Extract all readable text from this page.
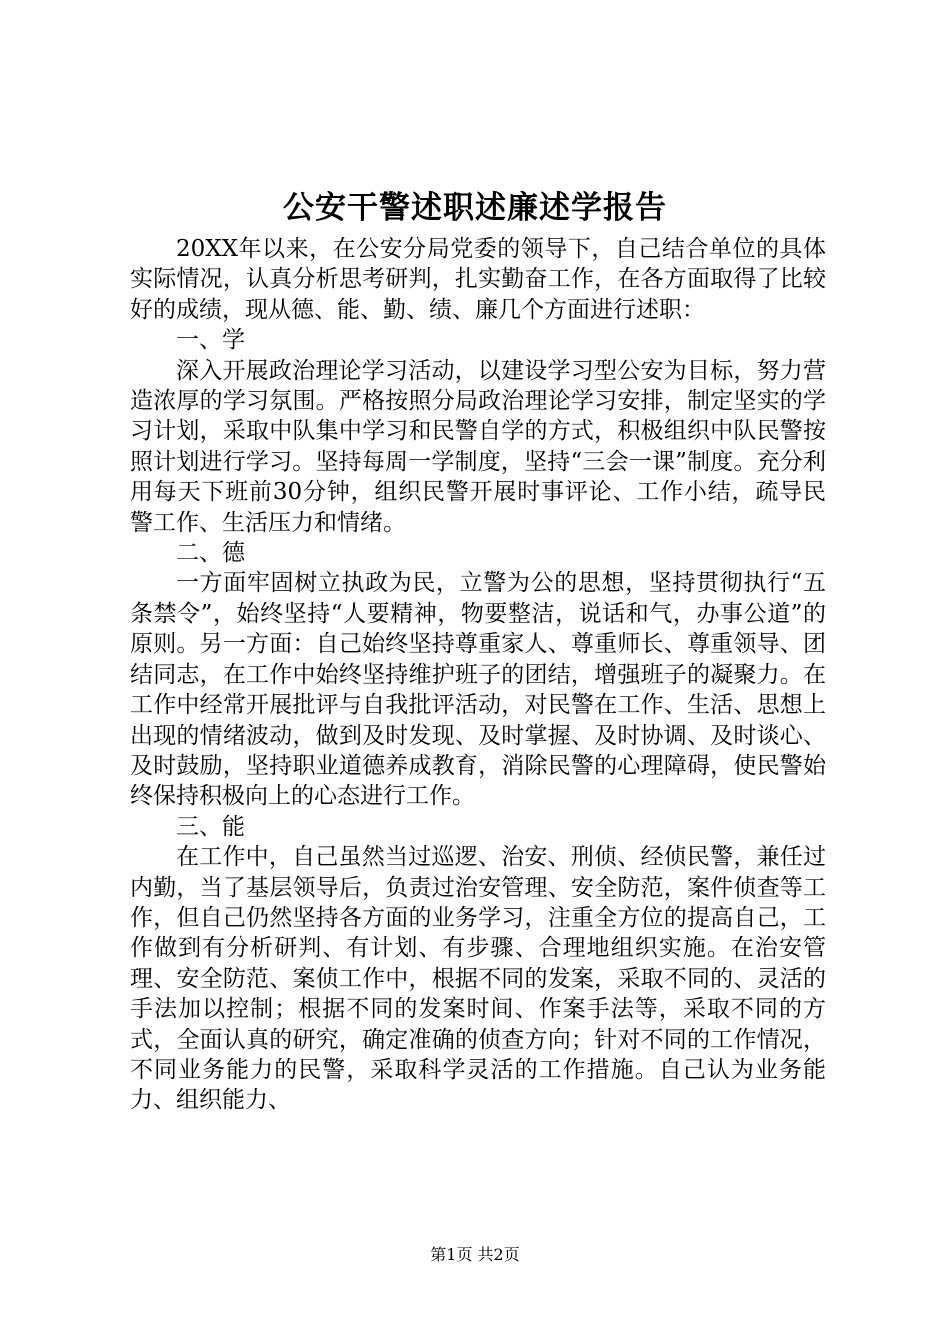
公安干警述职述廉述学报告

20XX年以来，在公安分局党委的领导下，自己结合单位的具体实际情况，认真分析思考研判，扎实勤奋工作，在各方面取得了比较好的成绩，现从德、能、勤、绩、廉几个方面进行述职：

一、学

深入开展政治理论学习活动，以建设学习型公安为目标，努力营造浓厚的学习氛围。严格按照分局政治理论学习安排，制定坚实的学习计划，采取中队集中学习和民警自学的方式，积极组织中队民警按照计划进行学习。坚持每周一学制度，坚持“三会一课”制度。充分利用每天下班前30分钟，组织民警开展时事评论、工作小结，疏导民警工作、生活压力和情绪。

二、德

一方面牢固树立执政为民，立警为公的思想，坚持贯彻执行“五条禁令”，始终坚持“人要精神，物要整洁，说话和气，办事公道”的原则。另一方面：自己始终坚持尊重家人、尊重师长、尊重领导、团结同志，在工作中始终坚持维护班子的团结，增强班子的凝聚力。在工作中经常开展批评与自我批评活动，对民警在工作、生活、思想上出现的情绪波动，做到及时发现、及时掌握、及时协调、及时谈心、及时鼓励，坚持职业道德养成教育，消除民警的心理障碍，使民警始终保持积极向上的心态进行工作。

三、能

在工作中，自己虽然当过巡逻、治安、刑侦、经侦民警，兼任过内勤，当了基层领导后，负责过治安管理、安全防范，案件侦查等工作，但自己仍然坚持各方面的业务学习，注重全方位的提高自己，工作做到有分析研判、有计划、有步骤、合理地组织实施。在治安管理、安全防范、案侦工作中，根据不同的发案，采取不同的、灵活的手法加以控制；根据不同的发案时间、作案手法等，采取不同的方式，全面认真的研究，确定准确的侦查方向；针对不同的工作情况，不同业务能力的民警，采取科学灵活的工作措施。自己认为业务能力、组织能力、

第1页 共2页
